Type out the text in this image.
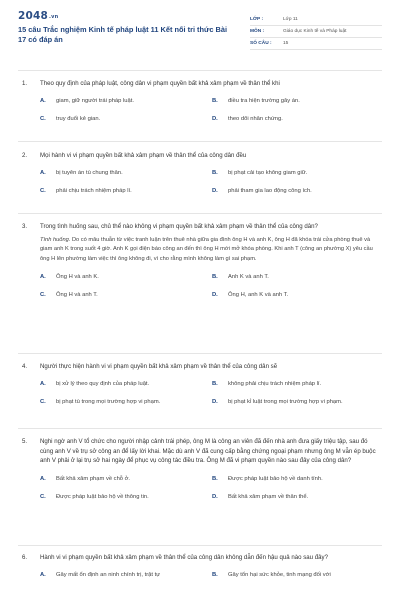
$2048^{.vn}$
15 câu Trắc nghiệm Kinh tế pháp luật 11 Kết nối tri thức Bài 17 có đáp án
LỚP :	Lớp 11
MÔN :	Giáo dục Kinh tế và Pháp luật
SỐ CÂU :	15
1.	Theo quy định của pháp luật, công dân vi phạm quyền bất khả xâm phạm về thân thể khi
A.	giam, giữ người trái pháp luật.	B.	điều tra hiện trường gây án.
C.	truy đuổi kẻ gian.	D.	theo dõi nhân chứng.
2.	Mọi hành vi vi phạm quyền bất khả xâm phạm về thân thể của công dân đều
A.	bị tuyên án tù chung thân.	B.	bị phạt cải tạo không giam giữ.
C.	phải chịu trách nhiệm pháp lí.	D.	phải tham gia lao động công ích.
3.	Trong tình huống sau, chủ thể nào không vi phạm quyền bất khả xâm phạm về thân thể của công dân?
Tình huống. Do có mâu thuẫn từ việc tranh luận trên thuê nhà giữa gia đình ông H và anh K, ông H đã khóa trái cửa phòng thuê và giam anh K trong suốt 4 giờ. Anh K gọi điện báo công an đến thì ông H mới mở khóa phòng. Khi anh T (công an phường X) yêu cầu ông H lên phường làm việc thì ông không đi, vì cho rằng mình không làm gì sai phạm.
A.	Ông H và anh K.	B.	Anh K và anh T.
C.	Ông H và anh T.	D.	Ông H, anh K và anh T.
4.	Người thực hiện hành vi vi phạm quyền bất khả xâm phạm về thân thể của công dân sẽ
A.	bị xử lý theo quy định của pháp luật.	B.	không phải chịu trách nhiệm pháp lí.
C.	bị phạt tù trong mọi trường hợp vi phạm.	D.	bị phạt kỉ luật trong mọi trường hợp vi phạm.
5.	Nghi ngờ anh V tổ chức cho người nhập cảnh trái phép, ông M là công an viên đã đến nhà anh đưa giấy triệu tập, sau đó cùng anh V về trụ sở công an để lấy lời khai. Mặc dù anh V đã cung cấp bằng chứng ngoại phạm nhưng ông M vẫn ép buộc anh V phải ở lại trụ sở hai ngày để phục vụ công tác điều tra. Ông M đã vi phạm quyền nào sau đây của công dân?
A.	Bất khả xâm phạm về chỗ ở.	B.	Được pháp luật bảo hộ về danh tính.
C.	Được pháp luật bảo hộ về thông tin.	D.	Bất khả xâm phạm về thân thể.
6.	Hành vi vi phạm quyền bất khả xâm phạm về thân thể của công dân không dẫn đến hậu quả nào sau đây?
A.	Gây mất ổn định an ninh chính trị, trật tự	B.	Gây tổn hại sức khỏe, tinh mạng đối với
